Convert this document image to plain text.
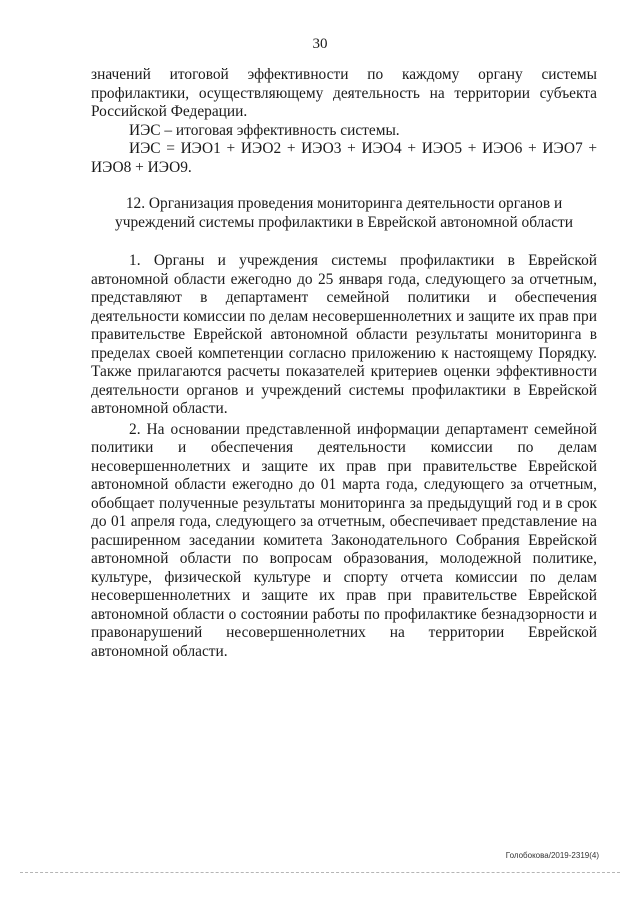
30

значений итоговой эффективности по каждому органу системы профилактики, осуществляющему деятельность на территории субъекта Российской Федерации.

ИЭС – итоговая эффективность системы.

ИЭС = ИЭО1 + ИЭО2 + ИЭО3 + ИЭО4 + ИЭО5 + ИЭО6 + ИЭО7 + ИЭО8 + ИЭО9.

12. Организация проведения мониторинга деятельности органов и учреждений системы профилактики в Еврейской автономной области

1. Органы и учреждения системы профилактики в Еврейской автономной области ежегодно до 25 января года, следующего за отчетным, представляют в департамент семейной политики и обеспечения деятельности комиссии по делам несовершеннолетних и защите их прав при правительстве Еврейской автономной области результаты мониторинга в пределах своей компетенции согласно приложению к настоящему Порядку. Также прилагаются расчеты показателей критериев оценки эффективности деятельности органов и учреждений системы профилактики в Еврейской автономной области.

2. На основании представленной информации департамент семейной политики и обеспечения деятельности комиссии по делам несовершеннолетних и защите их прав при правительстве Еврейской автономной области ежегодно до 01 марта года, следующего за отчетным, обобщает полученные результаты мониторинга за предыдущий год и в срок до 01 апреля года, следующего за отчетным, обеспечивает представление на расширенном заседании комитета Законодательного Собрания Еврейской автономной области по вопросам образования, молодежной политике, культуре, физической культуре и спорту отчета комиссии по делам несовершеннолетних и защите их прав при правительстве Еврейской автономной области о состоянии работы по профилактике безнадзорности и правонарушений несовершеннолетних на территории Еврейской автономной области.

Голобокова/2019-2319(4)
